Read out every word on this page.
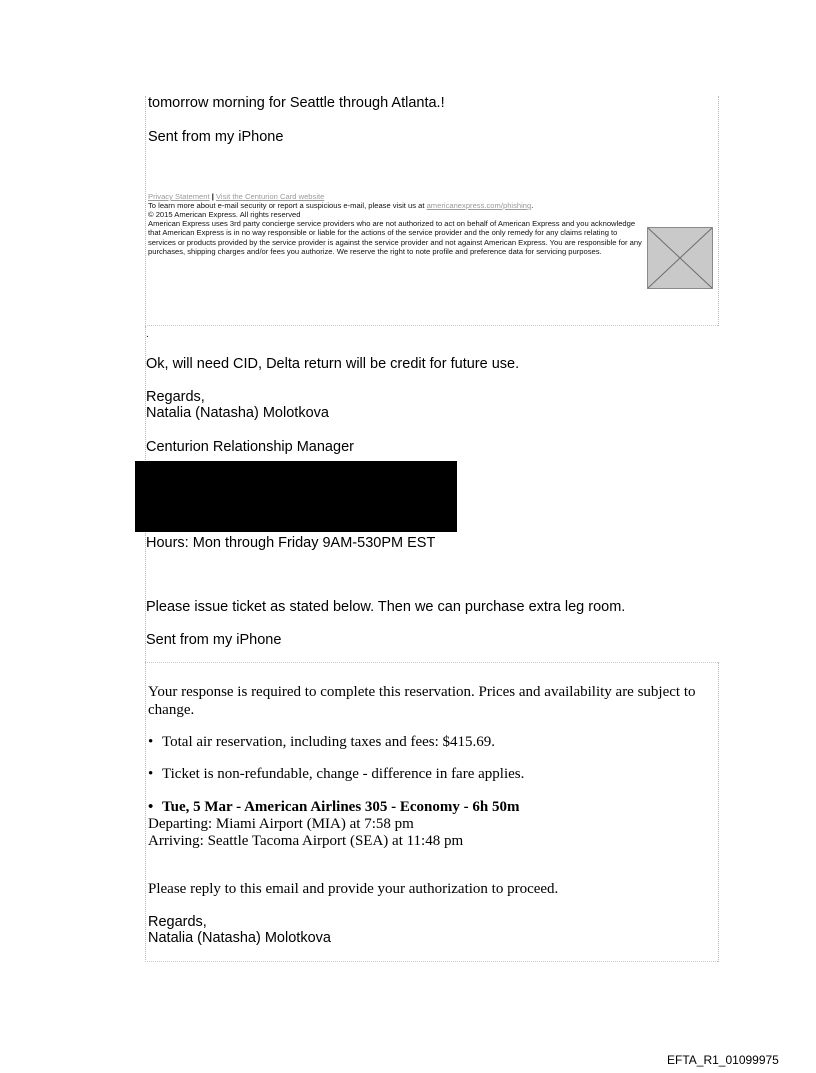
tomorrow morning for Seattle through Atlanta.!

Sent from my iPhone

Privacy Statement | Visit the Centurion Card website
To learn more about e-mail security or report a suspicious e-mail, please visit us at americanexpress.com/phishing.
© 2015 American Express. All rights reserved
American Express uses 3rd party concierge service providers who are not authorized to act on behalf of American Express and you acknowledge that American Express is in no way responsible or liable for the actions of the service provider and the only remedy for any claims relating to services or products provided by the service provider is against the service provider and not against American Express. You are responsible for any purchases, shipping charges and/or fees you authorize. We reserve the right to note profile and preference data for servicing purposes.

.

Ok, will need CID, Delta return will be credit for future use.

Regards,

Natalia (Natasha) Molotkova

Centurion Relationship Manager

Hours: Mon through Friday 9AM-530PM EST

Please issue ticket as stated below. Then we can purchase extra leg room.

Sent from my iPhone

Your response is required to complete this reservation. Prices and availability are subject to change.

• Total air reservation, including taxes and fees: $415.69.

• Ticket is non-refundable, change - difference in fare applies.

• Tue, 5 Mar - American Airlines 305 - Economy - 6h 50m

Departing: Miami Airport (MIA) at 7:58 pm

Arriving: Seattle Tacoma Airport (SEA) at 11:48 pm

Please reply to this email and provide your authorization to proceed.

Regards,

Natalia (Natasha) Molotkova

EFTA_R1_01099975
